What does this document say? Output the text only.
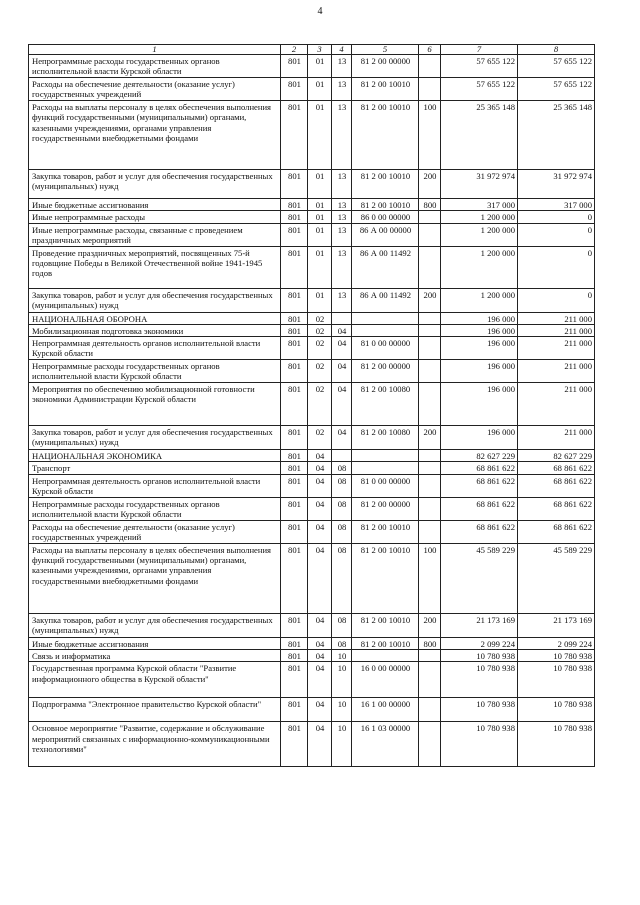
4
1	2	3	4	5	6	7	8
Непрограммные расходы государственных органов исполнительной власти Курской области	801	01	13	81 2 00 00000		57 655 122	57 655 122
Расходы на обеспечение деятельности (оказание услуг) государственных учреждений	801	01	13	81 2 00 10010		57 655 122	57 655 122
Расходы на выплаты персоналу в целях обеспечения выполнения функций государственными (муниципальными) органами, казенными учреждениями, органами управления государственными внебюджетными фондами	801	01	13	81 2 00 10010	100	25 365 148	25 365 148
Закупка товаров, работ и услуг для обеспечения государственных (муниципальных) нужд	801	01	13	81 2 00 10010	200	31 972 974	31 972 974
Иные бюджетные ассигнования	801	01	13	81 2 00 10010	800	317 000	317 000
Иные непрограммные расходы	801	01	13	86 0 00 00000		1 200 000	0
Иные непрограммные расходы, связанные с проведением праздничных мероприятий	801	01	13	86 А 00 00000		1 200 000	0
Проведение праздничных мероприятий, посвященных 75-й годовщине Победы в Великой Отечественной войне 1941-1945 годов	801	01	13	86 А 00 11492		1 200 000	0
Закупка товаров, работ и услуг для обеспечения государственных (муниципальных) нужд	801	01	13	86 А 00 11492	200	1 200 000	0
НАЦИОНАЛЬНАЯ ОБОРОНА	801	02				196 000	211 000
Мобилизационная подготовка экономики	801	02	04			196 000	211 000
Непрограммная деятельность органов исполнительной власти Курской области	801	02	04	81 0 00 00000		196 000	211 000
Непрограммные расходы государственных органов исполнительной власти Курской области	801	02	04	81 2 00 00000		196 000	211 000
Мероприятия по обеспечению мобилизационной готовности экономики Администрации Курской области	801	02	04	81 2 00 10080		196 000	211 000
Закупка товаров, работ и услуг для обеспечения государственных (муниципальных) нужд	801	02	04	81 2 00 10080	200	196 000	211 000
НАЦИОНАЛЬНАЯ ЭКОНОМИКА	801	04				82 627 229	82 627 229
Транспорт	801	04	08			68 861 622	68 861 622
Непрограммная деятельность органов исполнительной власти Курской области	801	04	08	81 0 00 00000		68 861 622	68 861 622
Непрограммные расходы государственных органов исполнительной власти Курской области	801	04	08	81 2 00 00000		68 861 622	68 861 622
Расходы на обеспечение деятельности (оказание услуг) государственных учреждений	801	04	08	81 2 00 10010		68 861 622	68 861 622
Расходы на выплаты персоналу в целях обеспечения выполнения функций государственными (муниципальными) органами, казенными учреждениями, органами управления государственными внебюджетными фондами	801	04	08	81 2 00 10010	100	45 589 229	45 589 229
Закупка товаров, работ и услуг для обеспечения государственных (муниципальных) нужд	801	04	08	81 2 00 10010	200	21 173 169	21 173 169
Иные бюджетные ассигнования	801	04	08	81 2 00 10010	800	2 099 224	2 099 224
Связь и информатика	801	04	10			10 780 938	10 780 938
Государственная программа Курской области "Развитие информационного общества в Курской области"	801	04	10	16 0 00 00000		10 780 938	10 780 938
Подпрограмма "Электронное правительство Курской области"	801	04	10	16 1 00 00000		10 780 938	10 780 938
Основное мероприятие "Развитие, содержание и обслуживание мероприятий связанных с информационно-коммуникационными технологиями"	801	04	10	16 1 03 00000		10 780 938	10 780 938
